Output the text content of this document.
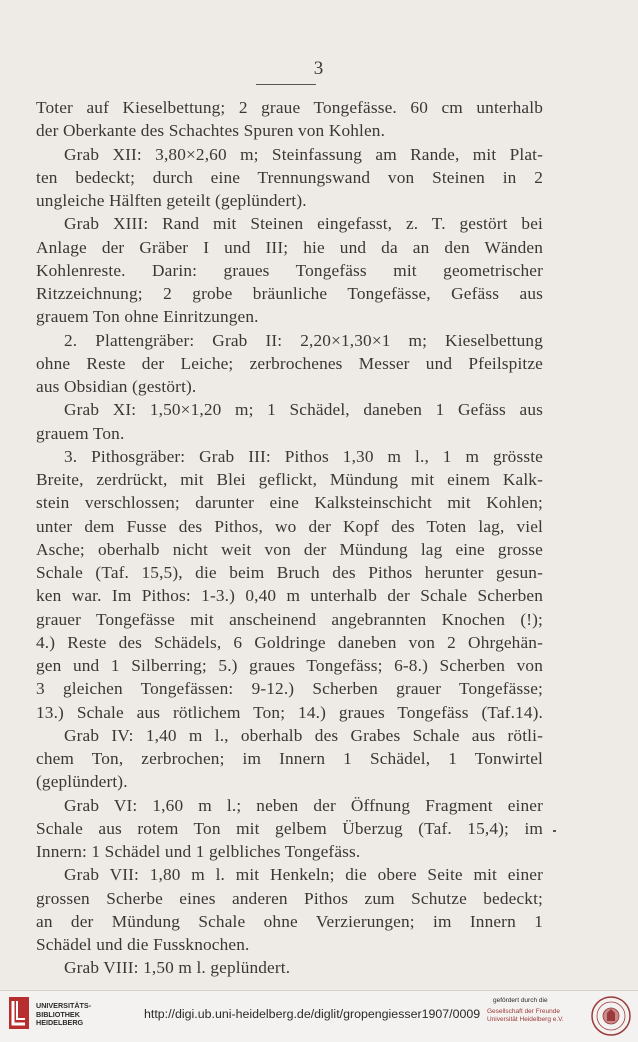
3
Toter auf Kieselbettung; 2 graue Tongefässe. 60 cm unterhalb
der Oberkante des Schachtes Spuren von Kohlen.
Grab XII: 3,80×2,60 m; Steinfassung am Rande, mit Plat-
ten bedeckt; durch eine Trennungswand von Steinen in 2
ungleiche Hälften geteilt (geplündert).
Grab XIII: Rand mit Steinen eingefasst, z. T. gestört bei
Anlage der Gräber I und III; hie und da an den Wänden
Kohlenreste. Darin: graues Tongefäss mit geometrischer
Ritzzeichnung; 2 grobe bräunliche Tongefässe, Gefäss aus
grauem Ton ohne Einritzungen.
2. Plattengräber: Grab II: 2,20×1,30×1 m; Kieselbettung
ohne Reste der Leiche; zerbrochenes Messer und Pfeilspitze
aus Obsidian (gestört).
Grab XI: 1,50×1,20 m; 1 Schädel, daneben 1 Gefäss aus
grauem Ton.
3. Pithosgräber: Grab III: Pithos 1,30 m l., 1 m grösste
Breite, zerdrückt, mit Blei geflickt, Mündung mit einem Kalk-
stein verschlossen; darunter eine Kalksteinschicht mit Kohlen;
unter dem Fusse des Pithos, wo der Kopf des Toten lag, viel
Asche; oberhalb nicht weit von der Mündung lag eine grosse
Schale (Taf. 15,5), die beim Bruch des Pithos herunter gesun-
ken war. Im Pithos: 1-3.) 0,40 m unterhalb der Schale Scherben
grauer Tongefässe mit anscheinend angebrannten Knochen (!);
4.) Reste des Schädels, 6 Goldringe daneben von 2 Ohrgehän-
gen und 1 Silberring; 5.) graues Tongefäss; 6-8.) Scherben von
3 gleichen Tongefässen: 9-12.) Scherben grauer Tongefässe;
13.) Schale aus rötlichem Ton; 14.) graues Tongefäss (Taf.14).
Grab IV: 1,40 m l., oberhalb des Grabes Schale aus rötli-
chem Ton, zerbrochen; im Innern 1 Schädel, 1 Tonwirtel
(geplündert).
Grab VI: 1,60 m l.; neben der Öffnung Fragment einer
Schale aus rotem Ton mit gelbem Überzug (Taf. 15,4); im
Innern: 1 Schädel und 1 gelbliches Tongefäss.
Grab VII: 1,80 m l. mit Henkeln; die obere Seite mit einer
grossen Scherbe eines anderen Pithos zum Schutze bedeckt;
an der Mündung Schale ohne Verzierungen; im Innern 1
Schädel und die Fussknochen.
Grab VIII: 1,50 m l. geplündert.
UNIVERSITÄTS-
BIBLIOTHEK
HEIDELBERG
http://digi.ub.uni-heidelberg.de/diglit/gropengiesser1907/0009
gefördert durch die
Gesellschaft der Freunde
Universität Heidelberg e.V.
